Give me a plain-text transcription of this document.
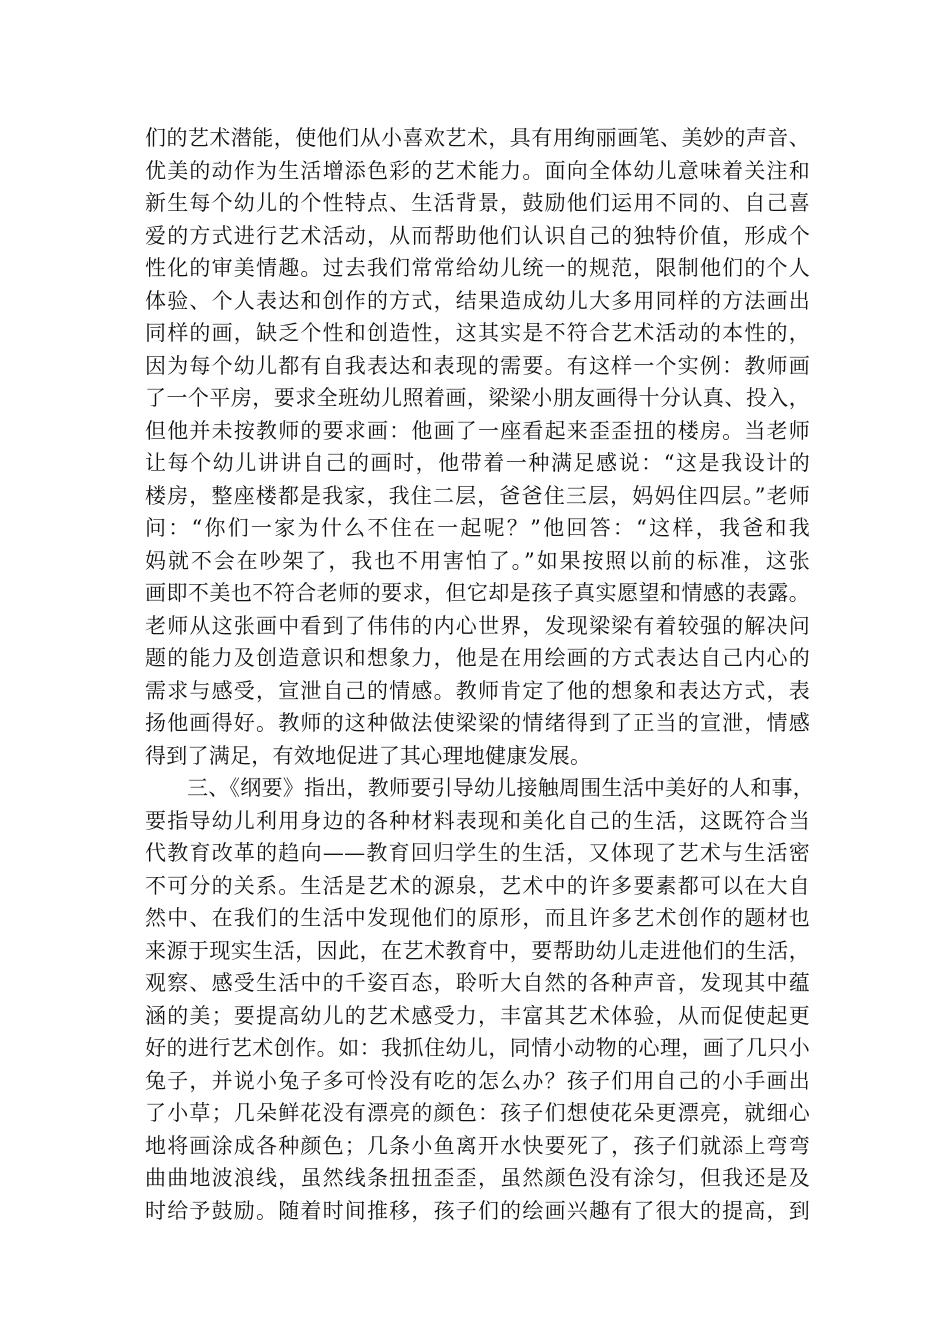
们的艺术潜能，使他们从小喜欢艺术，具有用绚丽画笔、美妙的声音、
优美的动作为生活增添色彩的艺术能力。面向全体幼儿意味着关注和
新生每个幼儿的个性特点、生活背景，鼓励他们运用不同的、自己喜
爱的方式进行艺术活动，从而帮助他们认识自己的独特价值，形成个
性化的审美情趣。过去我们常常给幼儿统一的规范，限制他们的个人
体验、个人表达和创作的方式，结果造成幼儿大多用同样的方法画出
同样的画，缺乏个性和创造性，这其实是不符合艺术活动的本性的，
因为每个幼儿都有自我表达和表现的需要。有这样一个实例：教师画
了一个平房，要求全班幼儿照着画，梁梁小朋友画得十分认真、投入，
但他并未按教师的要求画：他画了一座看起来歪歪扭的楼房。当老师
让每个幼儿讲讲自己的画时，他带着一种满足感说：“这是我设计的
楼房，整座楼都是我家，我住二层，爸爸住三层，妈妈住四层。”老师
问：“你们一家为什么不住在一起呢？”他回答：“这样，我爸和我
妈就不会在吵架了，我也不用害怕了。”如果按照以前的标准，这张
画即不美也不符合老师的要求，但它却是孩子真实愿望和情感的表露。
老师从这张画中看到了伟伟的内心世界，发现梁梁有着较强的解决问
题的能力及创造意识和想象力，他是在用绘画的方式表达自己内心的
需求与感受，宣泄自己的情感。教师肯定了他的想象和表达方式，表
扬他画得好。教师的这种做法使梁梁的情绪得到了正当的宣泄，情感
得到了满足，有效地促进了其心理地健康发展。
三、《纲要》指出，教师要引导幼儿接触周围生活中美好的人和事，
要指导幼儿利用身边的各种材料表现和美化自己的生活，这既符合当
代教育改革的趋向——教育回归学生的生活，又体现了艺术与生活密
不可分的关系。生活是艺术的源泉，艺术中的许多要素都可以在大自
然中、在我们的生活中发现他们的原形，而且许多艺术创作的题材也
来源于现实生活，因此，在艺术教育中，要帮助幼儿走进他们的生活，
观察、感受生活中的千姿百态，聆听大自然的各种声音，发现其中蕴
涵的美；要提高幼儿的艺术感受力，丰富其艺术体验，从而促使起更
好的进行艺术创作。如：我抓住幼儿，同情小动物的心理，画了几只小
兔子，并说小兔子多可怜没有吃的怎么办？孩子们用自己的小手画出
了小草；几朵鲜花没有漂亮的颜色：孩子们想使花朵更漂亮，就细心
地将画涂成各种颜色；几条小鱼离开水快要死了，孩子们就添上弯弯
曲曲地波浪线，虽然线条扭扭歪歪，虽然颜色没有涂匀，但我还是及
时给予鼓励。随着时间推移，孩子们的绘画兴趣有了很大的提高，到
